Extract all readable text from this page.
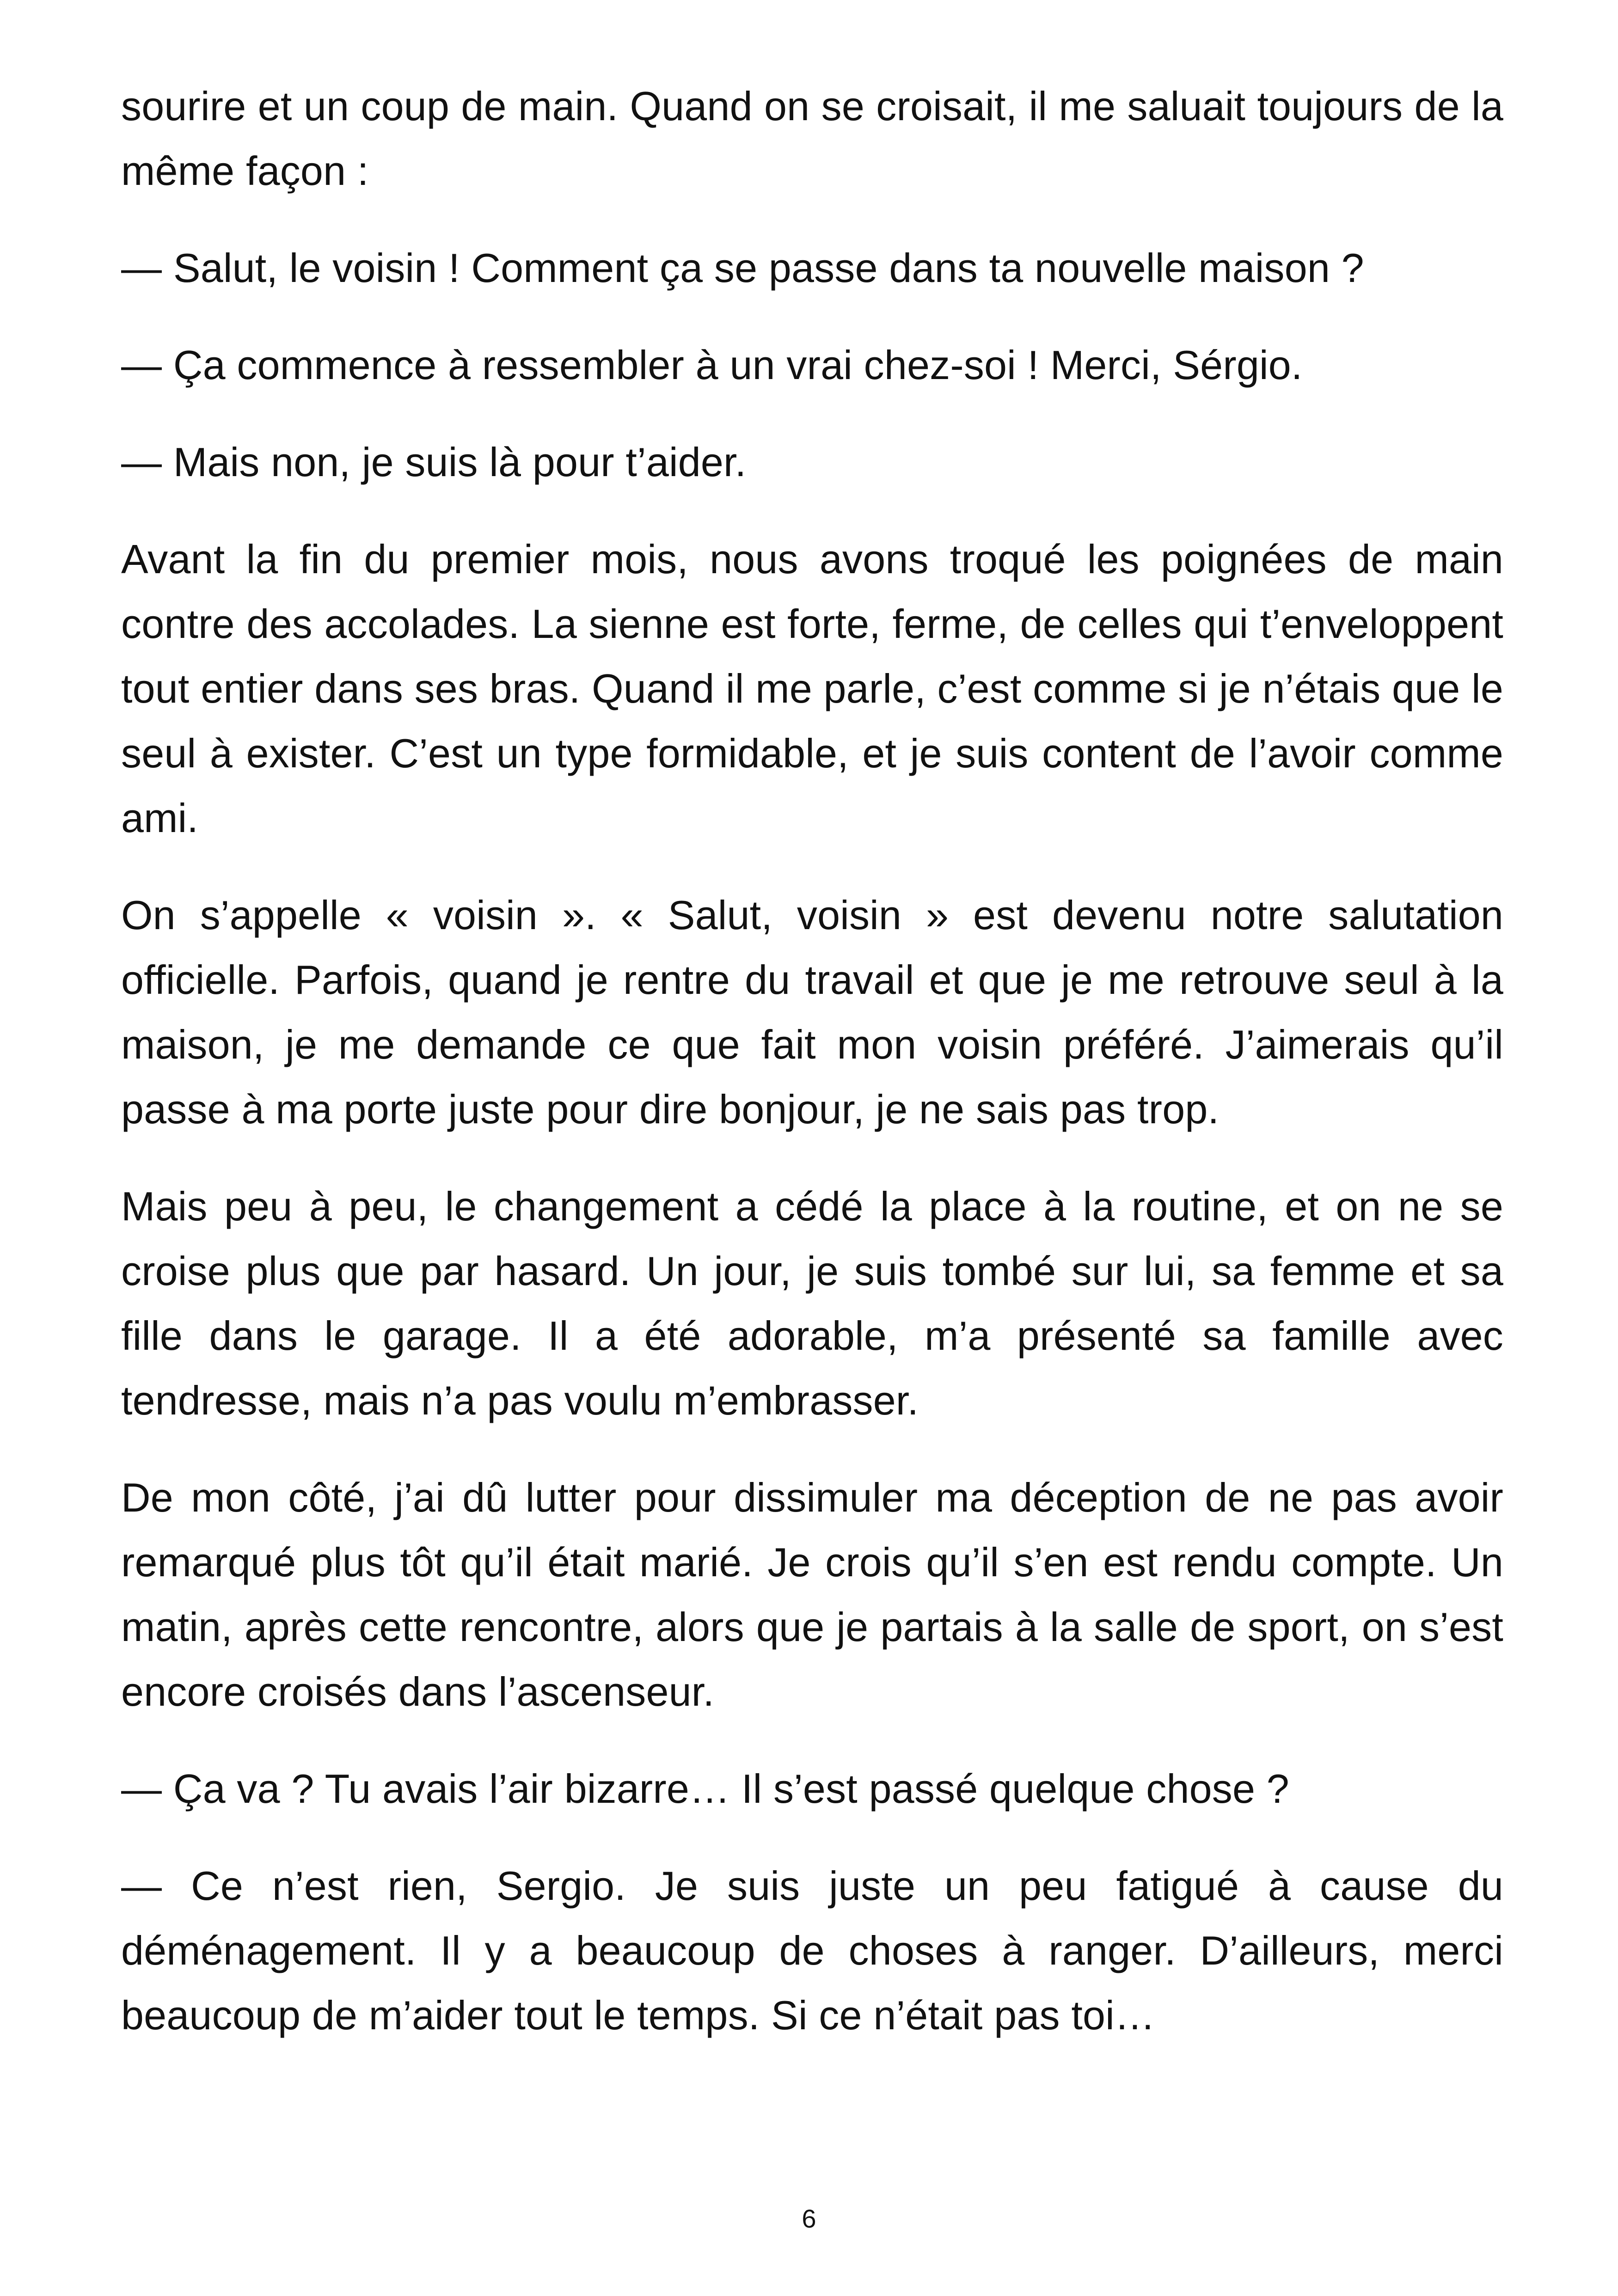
sourire et un coup de main. Quand on se croisait, il me saluait toujours de la même façon :

— Salut, le voisin ! Comment ça se passe dans ta nouvelle maison ?

— Ça commence à ressembler à un vrai chez-soi ! Merci, Sérgio.

— Mais non, je suis là pour t’aider.

Avant la fin du premier mois, nous avons troqué les poignées de main contre des accolades. La sienne est forte, ferme, de celles qui t’enveloppent tout entier dans ses bras. Quand il me parle, c’est comme si je n’étais que le seul à exister. C’est un type formidable, et je suis content de l’avoir comme ami.

On s’appelle « voisin ». « Salut, voisin » est devenu notre salutation officielle. Parfois, quand je rentre du travail et que je me retrouve seul à la maison, je me demande ce que fait mon voisin préféré. J’aimerais qu’il passe à ma porte juste pour dire bonjour, je ne sais pas trop.

Mais peu à peu, le changement a cédé la place à la routine, et on ne se croise plus que par hasard. Un jour, je suis tombé sur lui, sa femme et sa fille dans le garage. Il a été adorable, m’a présenté sa famille avec tendresse, mais n’a pas voulu m’embrasser.

De mon côté, j’ai dû lutter pour dissimuler ma déception de ne pas avoir remarqué plus tôt qu’il était marié. Je crois qu’il s’en est rendu compte. Un matin, après cette rencontre, alors que je partais à la salle de sport, on s’est encore croisés dans l’ascenseur.

— Ça va ? Tu avais l’air bizarre… Il s’est passé quelque chose ?

— Ce n’est rien, Sergio. Je suis juste un peu fatigué à cause du déménagement. Il y a beaucoup de choses à ranger. D’ailleurs, merci beaucoup de m’aider tout le temps. Si ce n’était pas toi…

6
